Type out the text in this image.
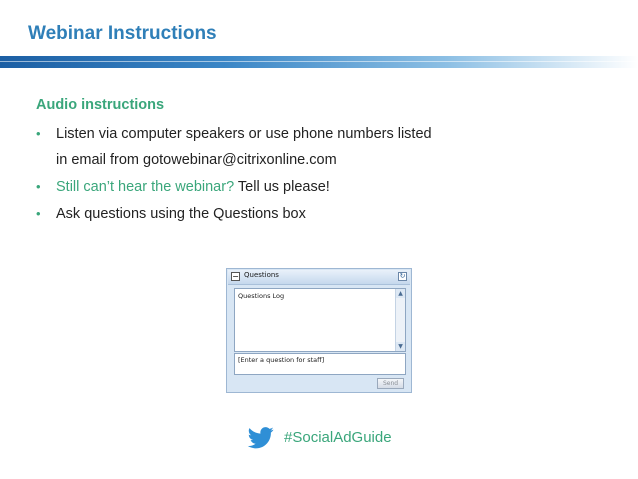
Webinar Instructions
Audio instructions
• Listen via computer speakers or use phone numbers listed
in email from gotowebinar@citrixonline.com
• Still can’t hear the webinar? Tell us please!
• Ask questions using the Questions box
− Questions	↻
Questions Log	▲
▼
[Enter a question for staff]
Send
#SocialAdGuide
